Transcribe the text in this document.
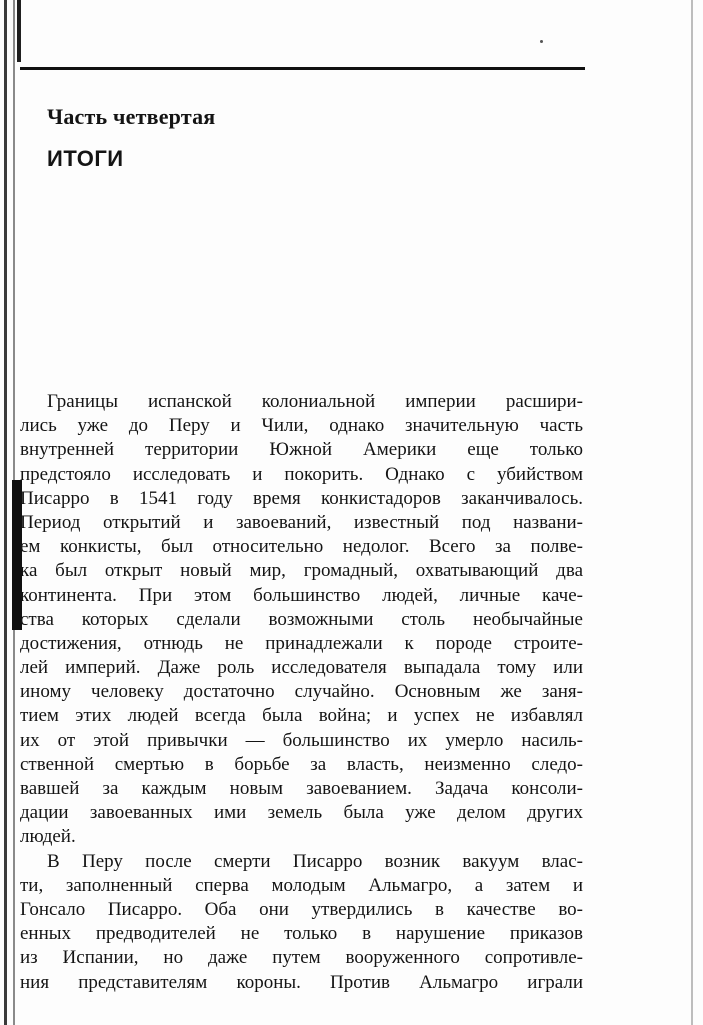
Часть четвертая
ИТОГИ
Границы испанской колониальной империи расшири-
лись уже до Перу и Чили, однако значительную часть
внутренней территории Южной Америки еще только
предстояло исследовать и покорить. Однако с убийством
Писарро в 1541 году время конкистадоров заканчивалось.
Период открытий и завоеваний, известный под названи-
ем конкисты, был относительно недолог. Всего за полве-
ка был открыт новый мир, громадный, охватывающий два
континента. При этом большинство людей, личные каче-
ства которых сделали возможными столь необычайные
достижения, отнюдь не принадлежали к породе строите-
лей империй. Даже роль исследователя выпадала тому или
иному человеку достаточно случайно. Основным же заня-
тием этих людей всегда была война; и успех не избавлял
их от этой привычки — большинство их умерло насиль-
ственной смертью в борьбе за власть, неизменно следо-
вавшей за каждым новым завоеванием. Задача консоли-
дации завоеванных ими земель была уже делом других
людей.
В Перу после смерти Писарро возник вакуум влас-
ти, заполненный сперва молодым Альмагро, а затем и
Гонсало Писарро. Оба они утвердились в качестве во-
енных предводителей не только в нарушение приказов
из Испании, но даже путем вооруженного сопротивле-
ния представителям короны. Против Альмагро играли
